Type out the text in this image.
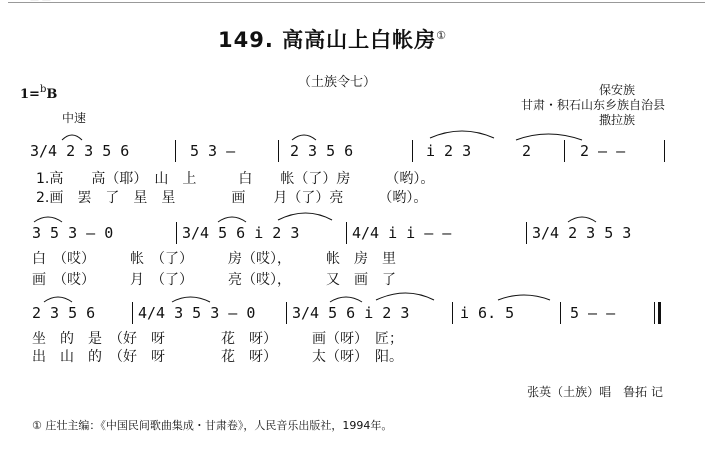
— —
149. 高高山上白帐房①
（土族令七）
1=$^b$B	保安族
甘肃・积石山东乡族自治县
撒拉族
中速
3/4 2 3 5 6	5 3 —	2 3 5 6	i 2 3	2	2 — —
1.高　　高（耶）　山　上　　　白　　帐（了）房　　　（哟）。
2.画　罢　了　星　星　　　　画　　月（了）亮　　　（哟）。
3 5 3 — 0	3/4 5 6 i 2 3	4/4 i i — —	3/4 2 3 5 3
白　（哎）　　　帐　（了）　　　房（哎），　　　帐　房　里
画　（哎）　　　月　（了）　　　亮（哎），　　　又　画　了
2 3 5 6	4/4 3 5 3 — 0 3/4 5 6 i 2 3	i 6. 5	5 — —
坐　的　是　（好　呀　　　　花　呀）　　　画（呀）　匠；
出　山　的　（好　呀　　　　花　呀）　　　太（呀）　阳。
张英（土族）唱　鲁拓 记
① 庄壮主编：《中国民间歌曲集成・甘肃卷》，人民音乐出版社，1994年。
